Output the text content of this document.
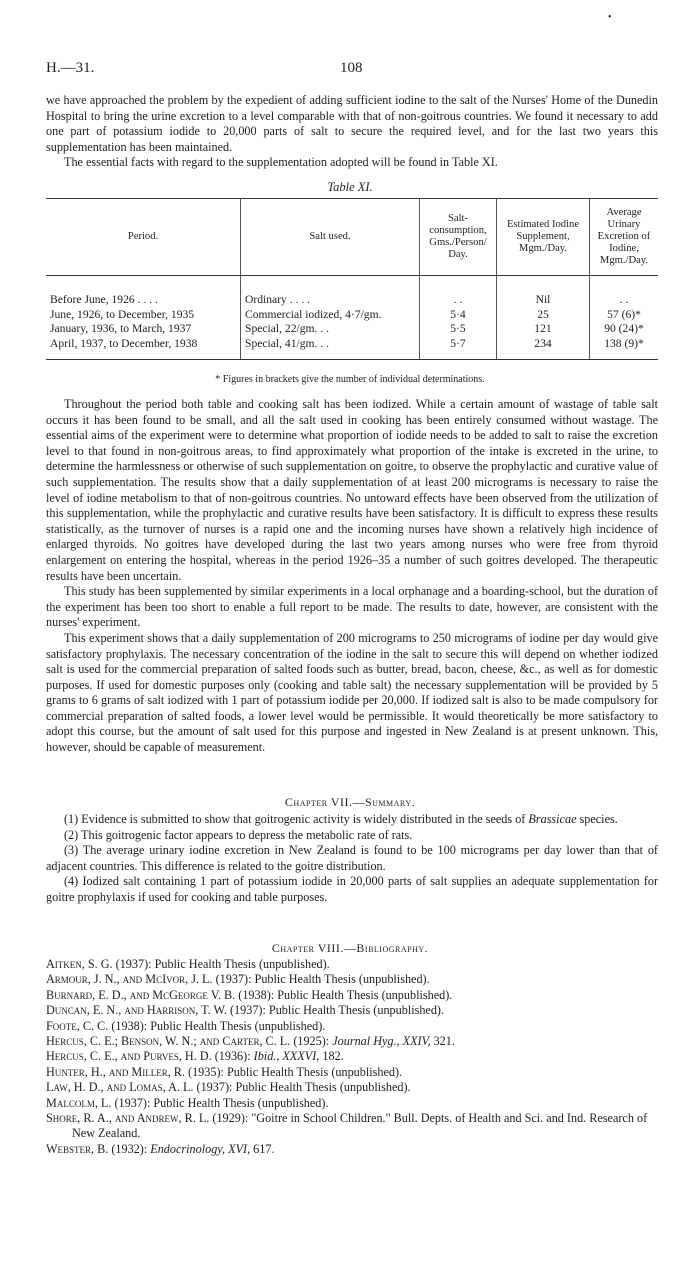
•
H.—31.	108

we have approached the problem by the expedient of adding sufficient iodine to the salt of the Nurses' Home of the Dunedin Hospital to bring the urine excretion to a level comparable with that of non-goitrous countries. We found it necessary to add one part of potassium iodide to 20,000 parts of salt to secure the required level, and for the last two years this supplementation has been maintained.

The essential facts with regard to the supplementation adopted will be found in Table XI.

Table XI.
Period.	Salt used.	Salt-consumption, Gms./Person/ Day.	Estimated Iodine Supplement, Mgm./Day.	Average Urinary Excretion of Iodine, Mgm./Day.
Before June, 1926 . . . .	Ordinary . . . .	. .	Nil	. .
June, 1926, to December, 1935	Commercial iodized, 4·7/gm.	5·4	25	57 (6)*
January, 1936, to March, 1937	Special, 22/gm. . .	5·5	121	90 (24)*
April, 1937, to December, 1938	Special, 41/gm. . .	5·7	234	138 (9)*
* Figures in brackets give the number of individual determinations.

Throughout the period both table and cooking salt has been iodized. While a certain amount of wastage of table salt occurs it has been found to be small, and all the salt used in cooking has been entirely consumed without wastage. The essential aims of the experiment were to determine what proportion of iodide needs to be added to salt to raise the excretion level to that found in non-goitrous areas, to find approximately what proportion of the intake is excreted in the urine, to determine the harmlessness or otherwise of such supplementation on goitre, to observe the prophylactic and curative value of such supplementation. The results show that a daily supplementation of at least 200 micrograms is necessary to raise the level of iodine metabolism to that of non-goitrous countries. No untoward effects have been observed from the utilization of this supplementation, while the prophylactic and curative results have been satisfactory. It is difficult to express these results statistically, as the turnover of nurses is a rapid one and the incoming nurses have shown a relatively high incidence of enlarged thyroids. No goitres have developed during the last two years among nurses who were free from thyroid enlargement on entering the hospital, whereas in the period 1926–35 a number of such goitres developed. The therapeutic results have been uncertain.

This study has been supplemented by similar experiments in a local orphanage and a boarding-school, but the duration of the experiment has been too short to enable a full report to be made. The results to date, however, are consistent with the nurses' experiment.

This experiment shows that a daily supplementation of 200 micrograms to 250 micrograms of iodine per day would give satisfactory prophylaxis. The necessary concentration of the iodine in the salt to secure this will depend on whether iodized salt is used for the commercial preparation of salted foods such as butter, bread, bacon, cheese, &c., as well as for domestic purposes. If used for domestic purposes only (cooking and table salt) the necessary supplementation will be provided by 5 grams to 6 grams of salt iodized with 1 part of potassium iodide per 20,000. If iodized salt is also to be made compulsory for commercial preparation of salted foods, a lower level would be permissible. It would theoretically be more satisfactory to adopt this course, but the amount of salt used for this purpose and ingested in New Zealand is at present unknown. This, however, should be capable of measurement.

Chapter VII.—Summary.

(1) Evidence is submitted to show that goitrogenic activity is widely distributed in the seeds of Brassicae species.

(2) This goitrogenic factor appears to depress the metabolic rate of rats.

(3) The average urinary iodine excretion in New Zealand is found to be 100 micrograms per day lower than that of adjacent countries. This difference is related to the goitre distribution.

(4) Iodized salt containing 1 part of potassium iodide in 20,000 parts of salt supplies an adequate supplementation for goitre prophylaxis if used for cooking and table purposes.

Chapter VIII.—Bibliography.
Aitken, S. G. (1937): Public Health Thesis (unpublished).
Armour, J. N., and McIvor, J. L. (1937): Public Health Thesis (unpublished).
Burnard, E. D., and McGeorge V. B. (1938): Public Health Thesis (unpublished).
Duncan, E. N., and Harrison, T. W. (1937): Public Health Thesis (unpublished).
Foote, C. C. (1938): Public Health Thesis (unpublished).
Hercus, C. E.; Benson, W. N.; and Carter, C. L. (1925): Journal Hyg., XXIV, 321.
Hercus, C. E., and Purves, H. D. (1936): Ibid., XXXVI, 182.
Hunter, H., and Miller, R. (1935): Public Health Thesis (unpublished).
Law, H. D., and Lomas, A. L. (1937): Public Health Thesis (unpublished).
Malcolm, L. (1937): Public Health Thesis (unpublished).
Shore, R. A., and Andrew, R. L. (1929): "Goitre in School Children." Bull. Depts. of Health and Sci. and Ind. Research of New Zealand.
Webster, B. (1932): Endocrinology, XVI, 617.
